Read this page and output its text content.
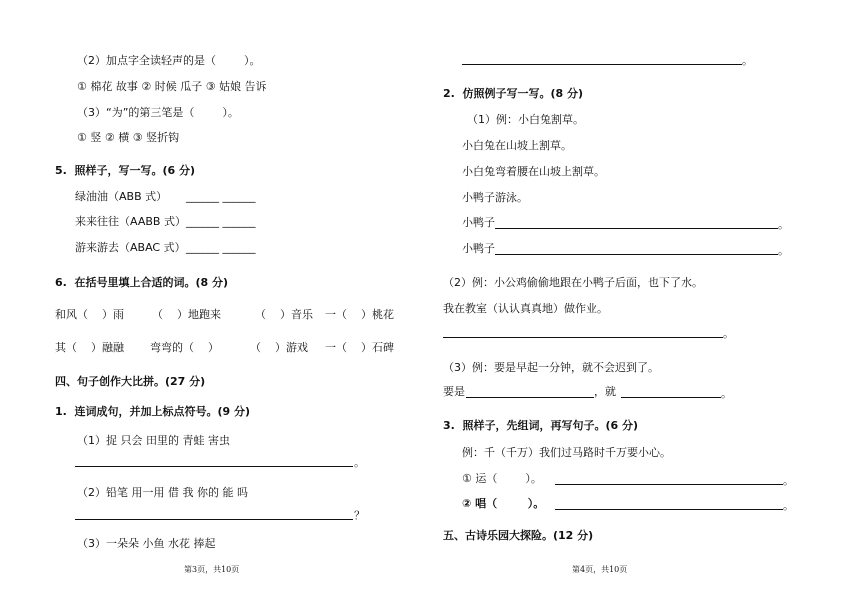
（2）加点字全读轻声的是（        ）。
① 棉花 故事 ② 时候 瓜子 ③ 姑娘 告诉
（3）“为”的第三笔是（        ）。
① 竖 ② 横 ③ 竖折钩
5.  照样子，写一写。(6 分)
绿油油（ABB 式） ______ ______
来来往往（AABB 式） ______ ______
游来游去（ABAC 式） ______ ______
6.  在括号里填上合适的词。(8 分)
和风（    ）雨	（    ）地跑来	（    ）音乐 一（    ）桃花
其（    ）融融 弯弯的（    ）	（    ）游戏 一（    ）石碑
四、句子创作大比拼。(27 分)
1.  连词成句，并加上标点符号。(9 分)
（1）捉 只会 田里的 青蛙 害虫
。
（2）铅笔 用一用 借 我 你的 能 吗
？
（3）一朵朵 小鱼 水花 捧起
第3页，共10页
。
2.  仿照例子写一写。(8 分)
（1）例：小白兔割草。
小白兔在山坡上割草。
小白兔弯着腰在山坡上割草。
小鸭子游泳。
小鸭子	。
小鸭子	。
（2）例：小公鸡偷偷地跟在小鸭子后面，也下了水。
我在教室（认认真真地）做作业。
。
（3）例：要是早起一分钟，就不会迟到了。
要是	，就	。
3.  照样子，先组词，再写句子。(6 分)
例：千（千万）我们过马路时千万要小心。
① 运（        ）。	。
② 唱（        ）。	。
五、古诗乐园大探险。(12 分)
第4页，共10页
